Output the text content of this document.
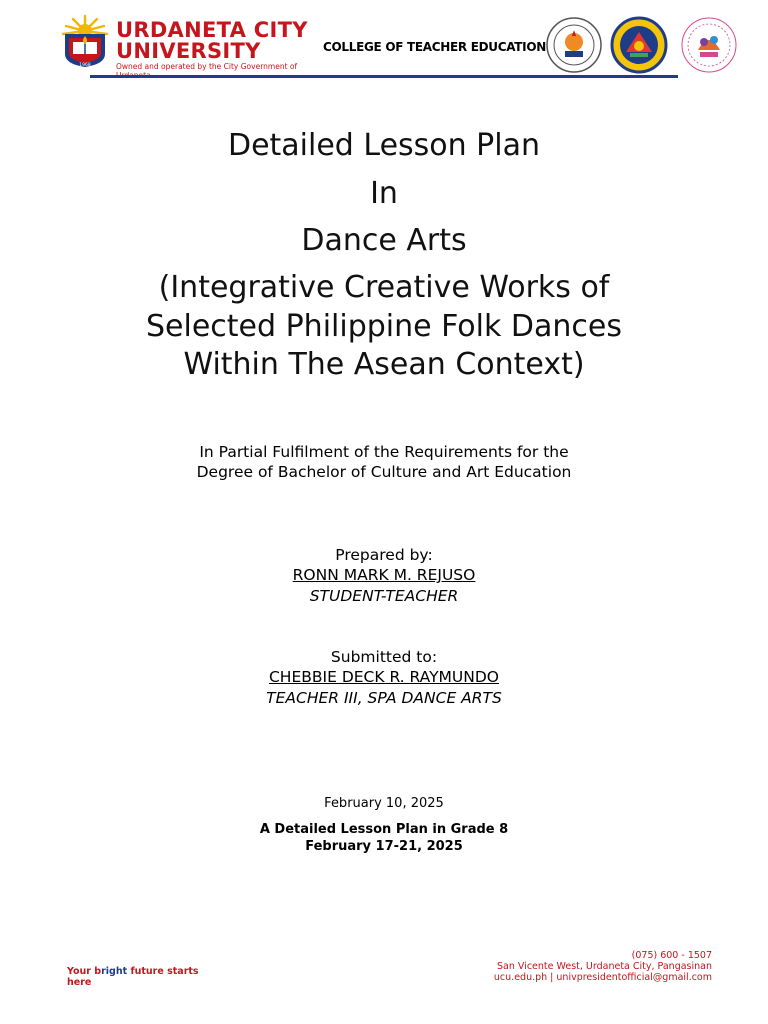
1968
URDANETA CITY UNIVERSITY
Owned and operated by the City Government of
COLLEGE OF TEACHER EDUCATION
Detailed Lesson Plan
In
Dance Arts
(Integrative Creative Works of
Selected Philippine Folk Dances
Within The Asean Context)
In Partial Fulfilment of the Requirements for the
Degree of Bachelor of Culture and Art Education
Prepared by:
RONN MARK M. REJUSO
STUDENT-TEACHER
Submitted to:
CHEBBIE DECK R. RAYMUNDO
TEACHER III, SPA DANCE ARTS
February 10, 2025
A Detailed Lesson Plan in Grade 8
February 17-21, 2025
Your bright future starts here
(075) 600 - 1507
San Vicente West, Urdaneta City, Pangasinan
ucu.edu.ph | univpresidentofficial@gmail.com
